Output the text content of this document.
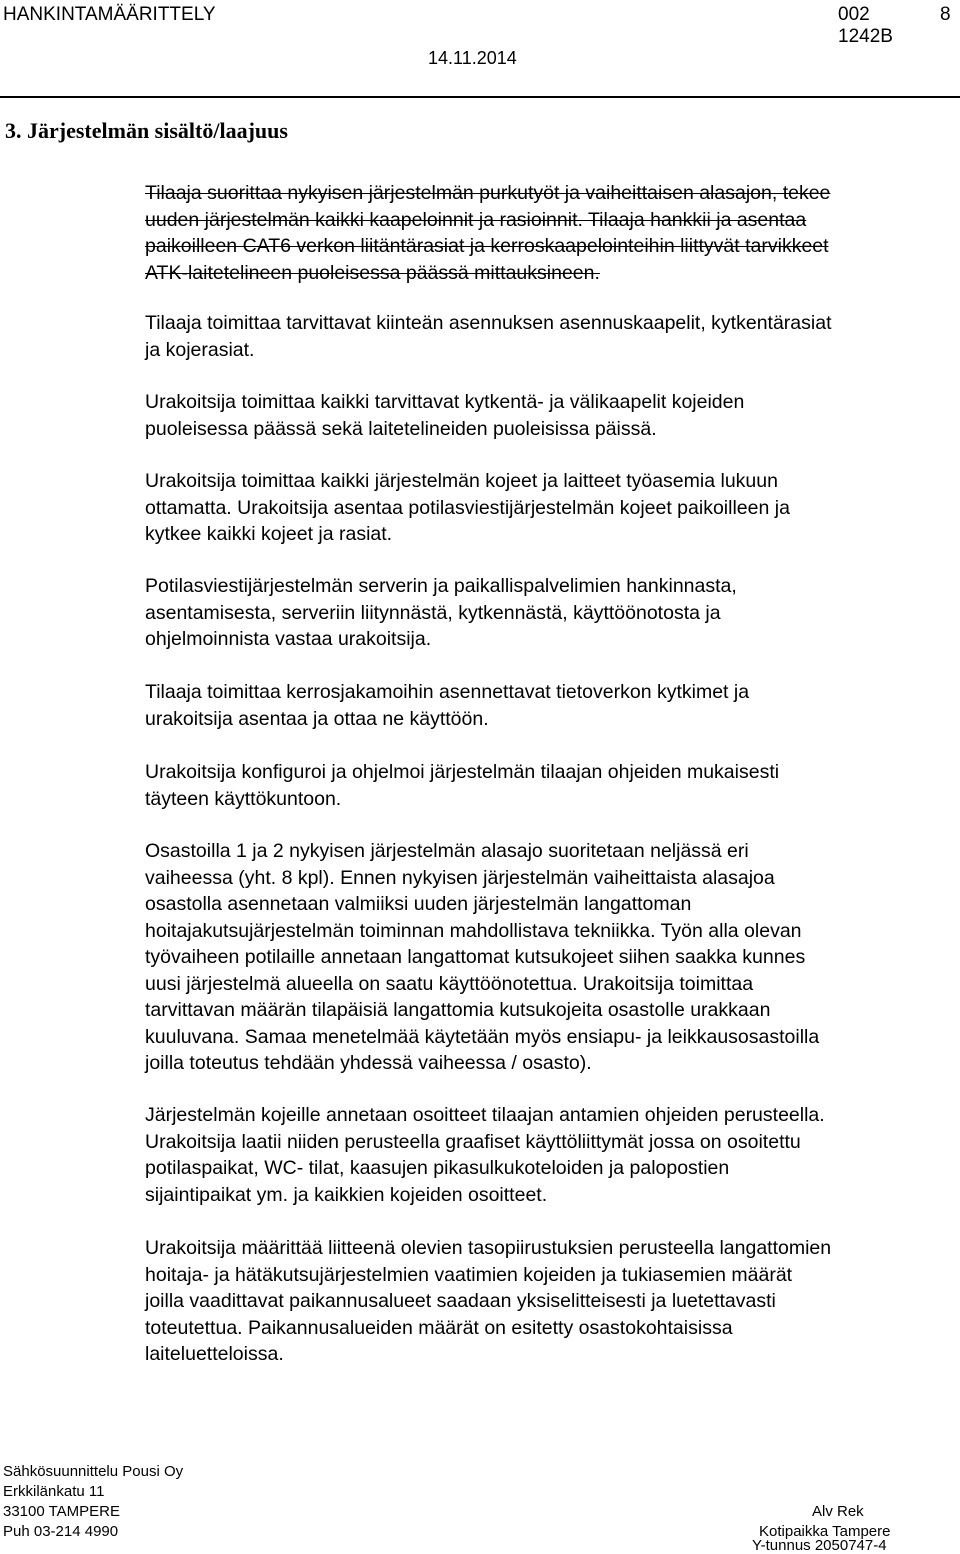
HANKINTAMÄÄRITTELY	002	8
14.11.2014
1242B
3. Järjestelmän sisältö/laajuus

Tilaaja suorittaa nykyisen järjestelmän purkutyöt ja vaiheittaisen alasajon, tekee

uuden järjestelmän kaikki kaapeloinnit ja rasioinnit. Tilaaja hankkii ja asentaa

paikoilleen CAT6 verkon liitäntärasiat ja kerroskaapelointeihin liittyvät tarvikkeet

ATK-laitetelineen puoleisessa päässä mittauksineen.

Tilaaja toimittaa tarvittavat kiinteän asennuksen asennuskaapelit, kytkentärasiat

ja kojerasiat.

Urakoitsija toimittaa kaikki tarvittavat kytkentä- ja välikaapelit kojeiden

puoleisessa päässä sekä laitetelineiden puoleisissa päissä.

Urakoitsija toimittaa kaikki järjestelmän kojeet ja laitteet työasemia lukuun

ottamatta. Urakoitsija asentaa potilasviestijärjestelmän kojeet paikoilleen ja

kytkee kaikki kojeet ja rasiat.

Potilasviestijärjestelmän serverin ja paikallispalvelimien hankinnasta,

asentamisesta, serveriin liitynnästä, kytkennästä, käyttöönotosta ja

ohjelmoinnista vastaa urakoitsija.

Tilaaja toimittaa kerrosjakamoihin asennettavat tietoverkon kytkimet ja

urakoitsija asentaa ja ottaa ne käyttöön.

Urakoitsija konfiguroi ja ohjelmoi järjestelmän tilaajan ohjeiden mukaisesti

täyteen käyttökuntoon.

Osastoilla 1 ja 2 nykyisen järjestelmän alasajo suoritetaan neljässä eri

vaiheessa (yht. 8 kpl). Ennen nykyisen järjestelmän vaiheittaista alasajoa

osastolla asennetaan valmiiksi uuden järjestelmän langattoman

hoitajakutsujärjestelmän toiminnan mahdollistava tekniikka. Työn alla olevan

työvaiheen potilaille annetaan langattomat kutsukojeet siihen saakka kunnes

uusi järjestelmä alueella on saatu käyttöönotettua. Urakoitsija toimittaa

tarvittavan määrän tilapäisiä langattomia kutsukojeita osastolle urakkaan

kuuluvana. Samaa menetelmää käytetään myös ensiapu- ja leikkausosastoilla

joilla toteutus tehdään yhdessä vaiheessa / osasto).

Järjestelmän kojeille annetaan osoitteet tilaajan antamien ohjeiden perusteella.

Urakoitsija laatii niiden perusteella graafiset käyttöliittymät jossa on osoitettu

potilaspaikat, WC- tilat, kaasujen pikasulkukoteloiden ja palopostien

sijaintipaikat ym. ja kaikkien kojeiden osoitteet.

Urakoitsija määrittää liitteenä olevien tasopiirustuksien perusteella langattomien

hoitaja- ja hätäkutsujärjestelmien vaatimien kojeiden ja tukiasemien määrät

joilla vaadittavat paikannusalueet saadaan yksiselitteisesti ja luetettavasti

toteutettua. Paikannusalueiden määrät on esitetty osastokohtaisissa

laiteluetteloissa.

Sähkösuunnittelu Pousi Oy
Erkkilänkatu 11
33100 TAMPERE
Puh 03-214 4990
Alv Rek
Kotipaikka Tampere
Y-tunnus 2050747-4
